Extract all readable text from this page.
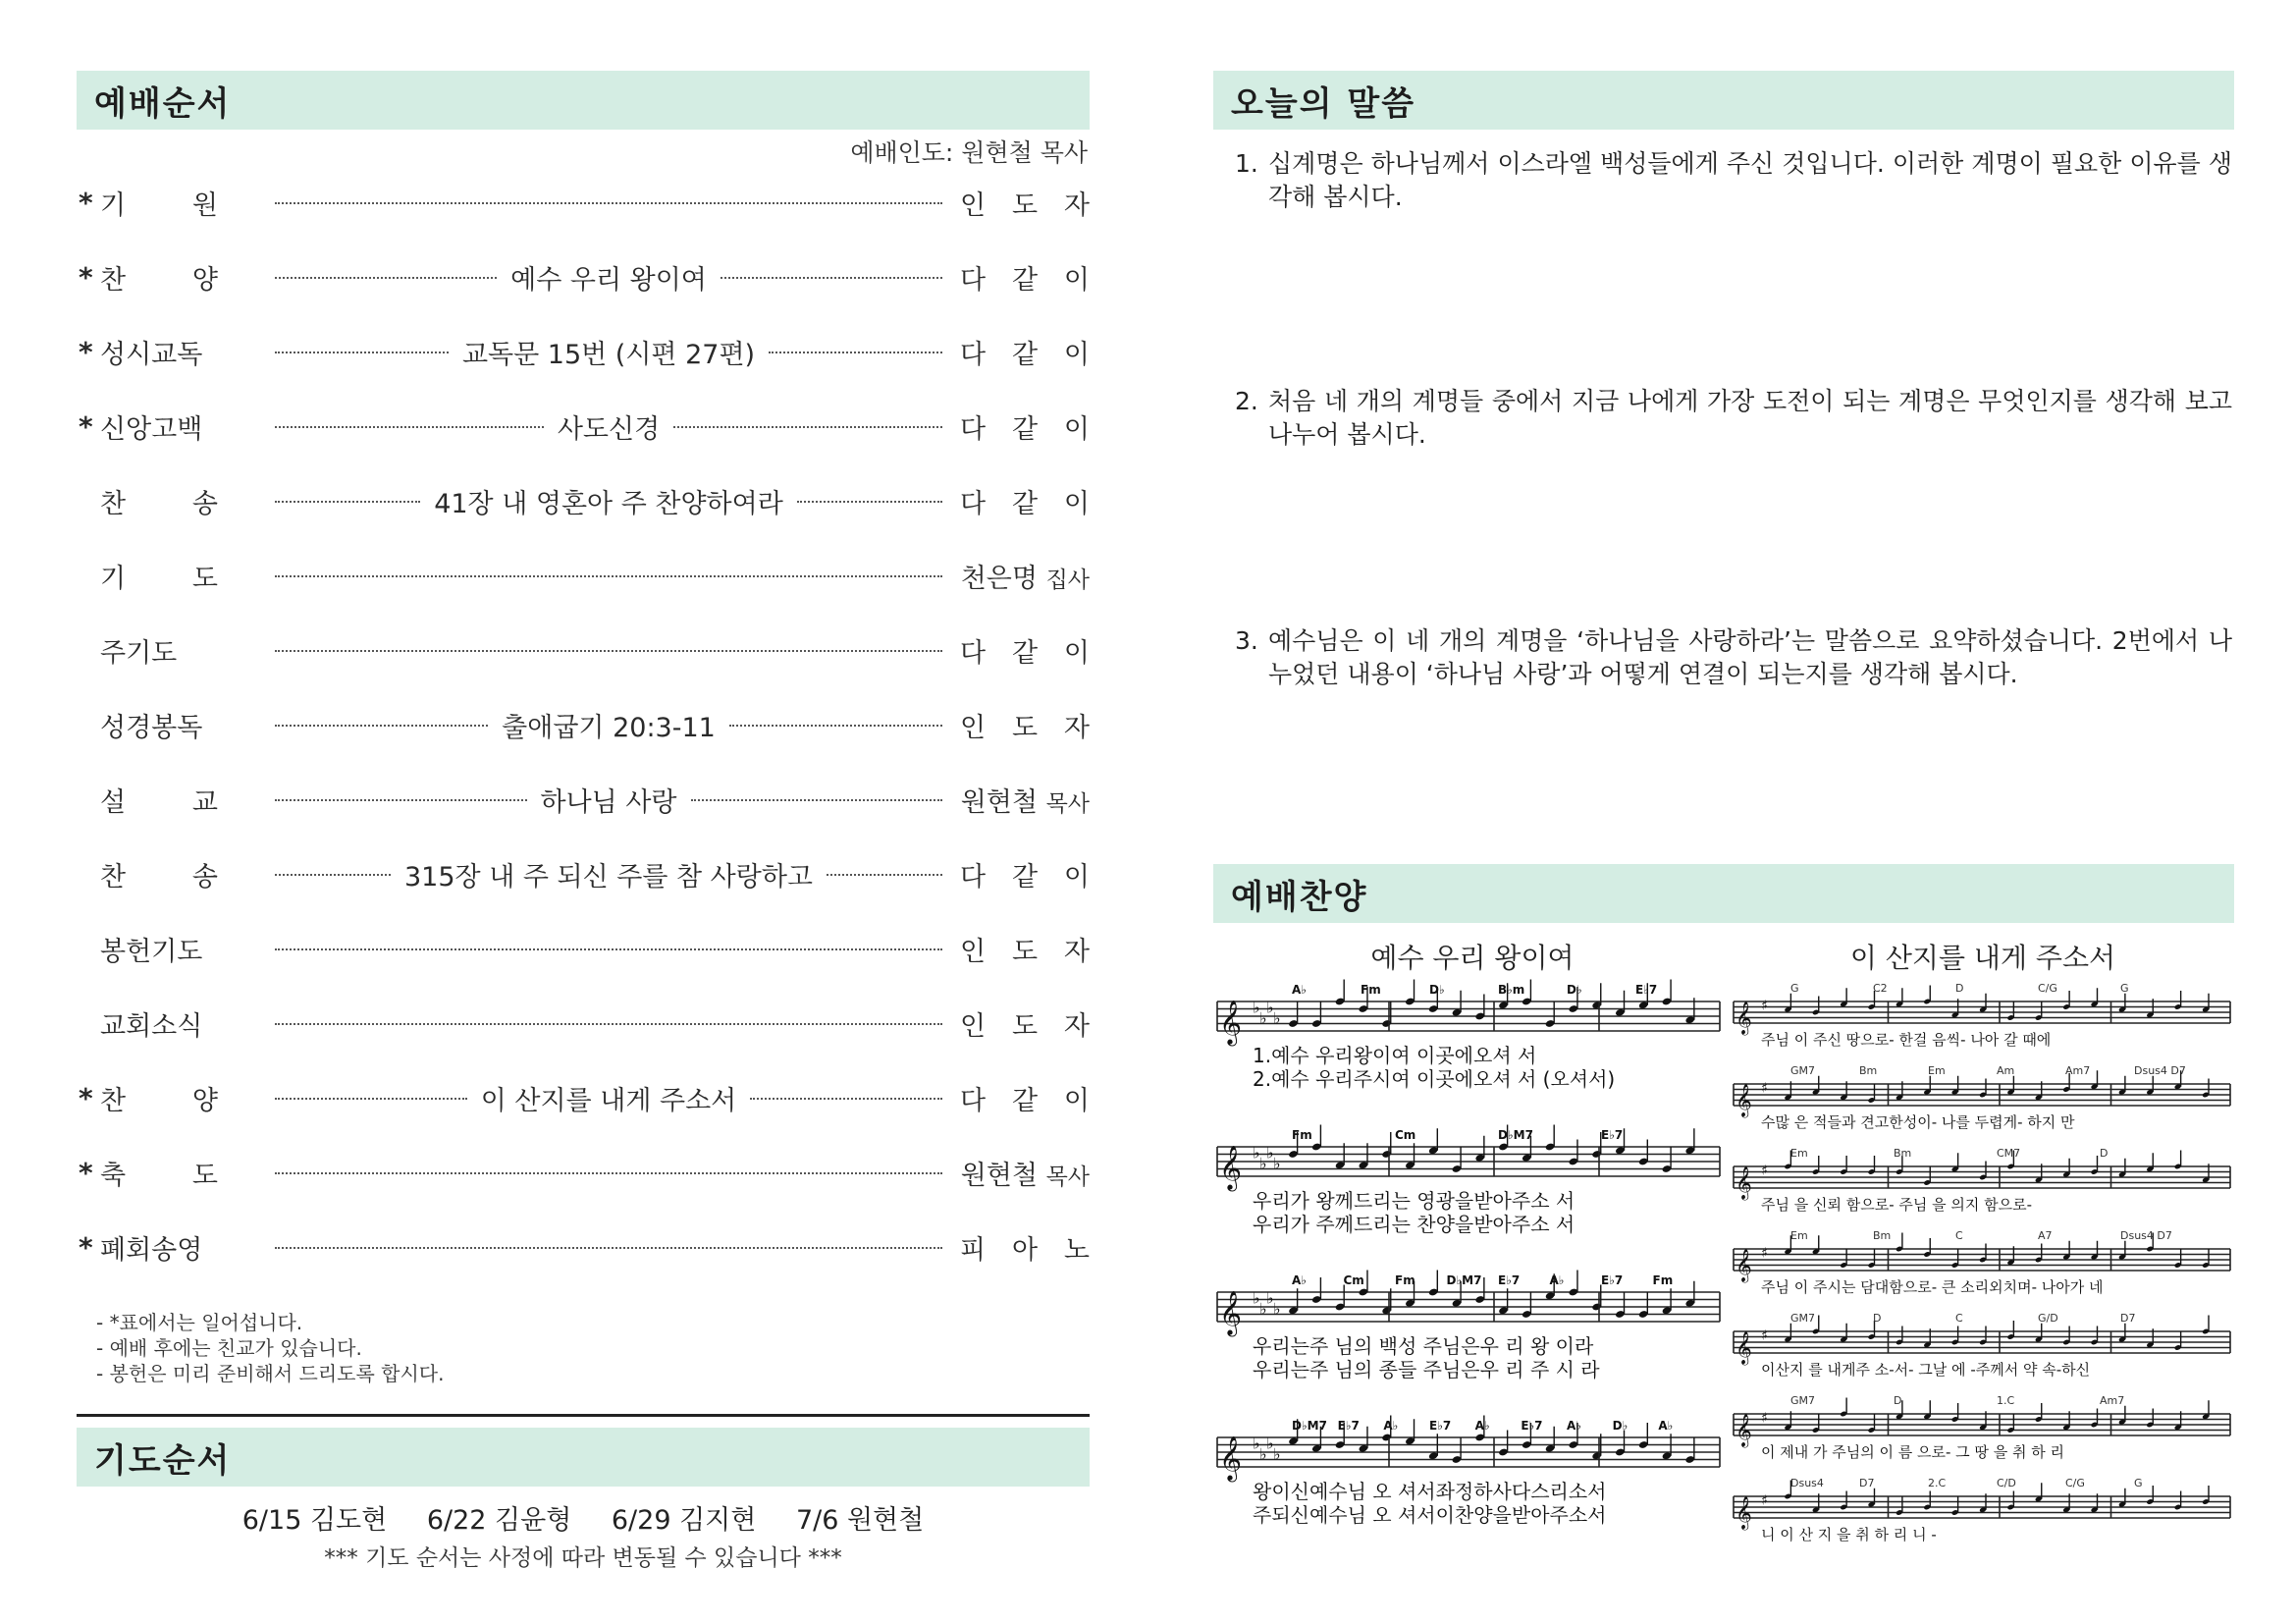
예배순서
예배인도: 원현철 목사
* 기 원	인 도 자
* 찬 양	예수 우리 왕이여	다 같 이
* 성시교독	교독문 15번 (시편 27편)	다 같 이
* 신앙고백	사도신경	다 같 이
찬 송	41장 내 영혼아 주 찬양하여라	다 같 이
기 도	천은명 집사
주기도	다 같 이
성경봉독	출애굽기 20:3-11	인 도 자
설 교	하나님 사랑	원현철 목사
찬 송	315장 내 주 되신 주를 참 사랑하고	다 같 이
봉헌기도	인 도 자
교회소식	인 도 자
* 찬 양	이 산지를 내게 주소서	다 같 이
* 축 도	원현철 목사
* 폐회송영	피 아 노
- *표에서는 일어섭니다.
- 예배 후에는 친교가 있습니다.
- 봉헌은 미리 준비해서 드리도록 합시다.
기도순서
6/15 김도현 6/22 김윤형 6/29 김지현 7/6 원현철
*** 기도 순서는 사정에 따라 변동될 수 있습니다 ***
오늘의 말씀
1. 십계명은 하나님께서 이스라엘 백성들에게 주신 것입니다. 이러한 계명이 필요한 이유를 생각해 봅시다.
2. 처음 네 개의 계명들 중에서 지금 나에게 가장 도전이 되는 계명은 무엇인지를 생각해 보고 나누어 봅시다.
3. 예수님은 이 네 개의 계명을 ‘하나님을 사랑하라’는 말씀으로 요약하셨습니다. 2번에서 나누었던 내용이 ‘하나님 사랑’과 어떻게 연결이 되는지를 생각해 봅시다.
예배찬양
예수 우리 왕이여	이 산지를 내게 주소서
𝄞 ♭
♭
♭
♭
A♭	Fm	D♭	B♭m	D♭	E♭7
1.예수 우리왕이여 이곳에오셔 서
2.예수 우리주시여 이곳에오셔 서 (오셔서)
𝄞 ♭
♭
♭
♭
Fm	Cm	D♭M7	E♭7
우리가 왕께드리는 영광을받아주소 서
우리가 주께드리는 찬양을받아주소 서
𝄞 ♭
♭
♭
♭
A♭	Cm	Fm	D♭M7 E♭7	A♭	E♭7	Fm
우리는주 님의 백성 주님은우 리 왕 이라
우리는주 님의 종들 주님은우 리 주 시 라
𝄞 ♭
♭
♭
♭
D♭M7 E♭7 A♭	E♭7 A♭	E♭7 A♭	D♭	A♭
왕이신예수님 오 셔서좌정하사다스리소서
주되신예수님 오 셔서이찬양을받아주소서
𝄞 ♯
G	C2	D	C/G	G
주님 이 주신 땅으로- 한걸 음씩- 나아 갈 때에
𝄞 ♯
GM7	Bm	Em	Am	Am7	Dsus4 D7
수많 은 적들과 견고한성이- 나를 두렵게- 하지 만
𝄞 ♯
Em	Bm	CM7	D
주님 을 신뢰 함으로- 주님 을 의지 함으로-
𝄞 ♯
Em	Bm	C	A7	Dsus4 D7
주님 이 주시는 담대함으로- 큰 소리외치며- 나아가 네
𝄞 ♯
GM7	D	C	G/D	D7
이산지 를 내게주 소-서- 그날 에 -주께서 약 속-하신
𝄞 ♯
GM7	D	1.C	Am7
이 제내 가 주님의 이 름 으로- 그 땅 을 취 하 리
𝄞 ♯
Dsus4	D7	2.C	C/D	C/G	G
니 이 산 지 을 취 하 리 니 -
